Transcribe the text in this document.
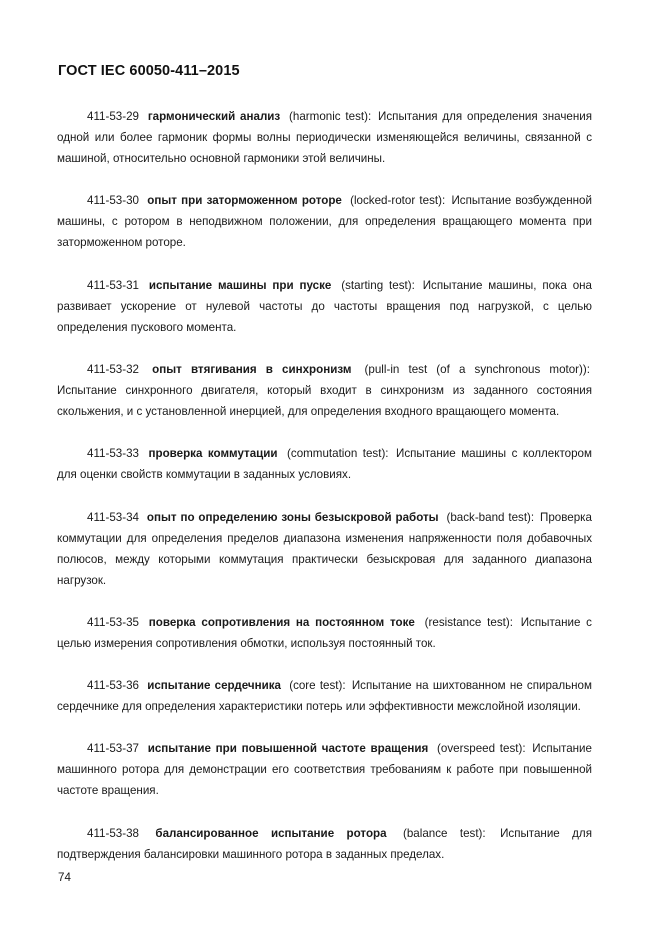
ГОСТ IEC 60050-411–2015

411-53-29 гармонический анализ (harmonic test): Испытания для определения значения одной или более гармоник формы волны периодически изменяющейся величины, связанной с машиной, относительно основной гармоники этой величины.

411-53-30 опыт при заторможенном роторе (locked-rotor test): Испытание возбужденной машины, с ротором в неподвижном положении, для определения вращающего момента при заторможенном роторе.

411-53-31 испытание машины при пуске (starting test): Испытание машины, пока она развивает ускорение от нулевой частоты до частоты вращения под нагрузкой, с целью определения пускового момента.

411-53-32 опыт втягивания в синхронизм (pull-in test (of a synchronous motor)): Испытание синхронного двигателя, который входит в синхронизм из заданного состояния скольжения, и с установленной инерцией, для определения входного вращающего момента.

411-53-33 проверка коммутации (commutation test): Испытание машины с коллектором для оценки свойств коммутации в заданных условиях.

411-53-34 опыт по определению зоны безыскровой работы (back-band test): Проверка коммутации для определения пределов диапазона изменения напряженности поля добавочных полюсов, между которыми коммутация практически безыскровая для заданного диапазона нагрузок.

411-53-35 поверка сопротивления на постоянном токе (resistance test): Испытание с целью измерения сопротивления обмотки, используя постоянный ток.

411-53-36 испытание сердечника (core test): Испытание на шихтованном не спиральном сердечнике для определения характеристики потерь или эффективности межслойной изоляции.

411-53-37 испытание при повышенной частоте вращения (overspeed test): Испытание машинного ротора для демонстрации его соответствия требованиям к работе при повышенной частоте вращения.

411-53-38 балансированное испытание ротора (balance test): Испытание для подтверждения балансировки машинного ротора в заданных пределах.

74
